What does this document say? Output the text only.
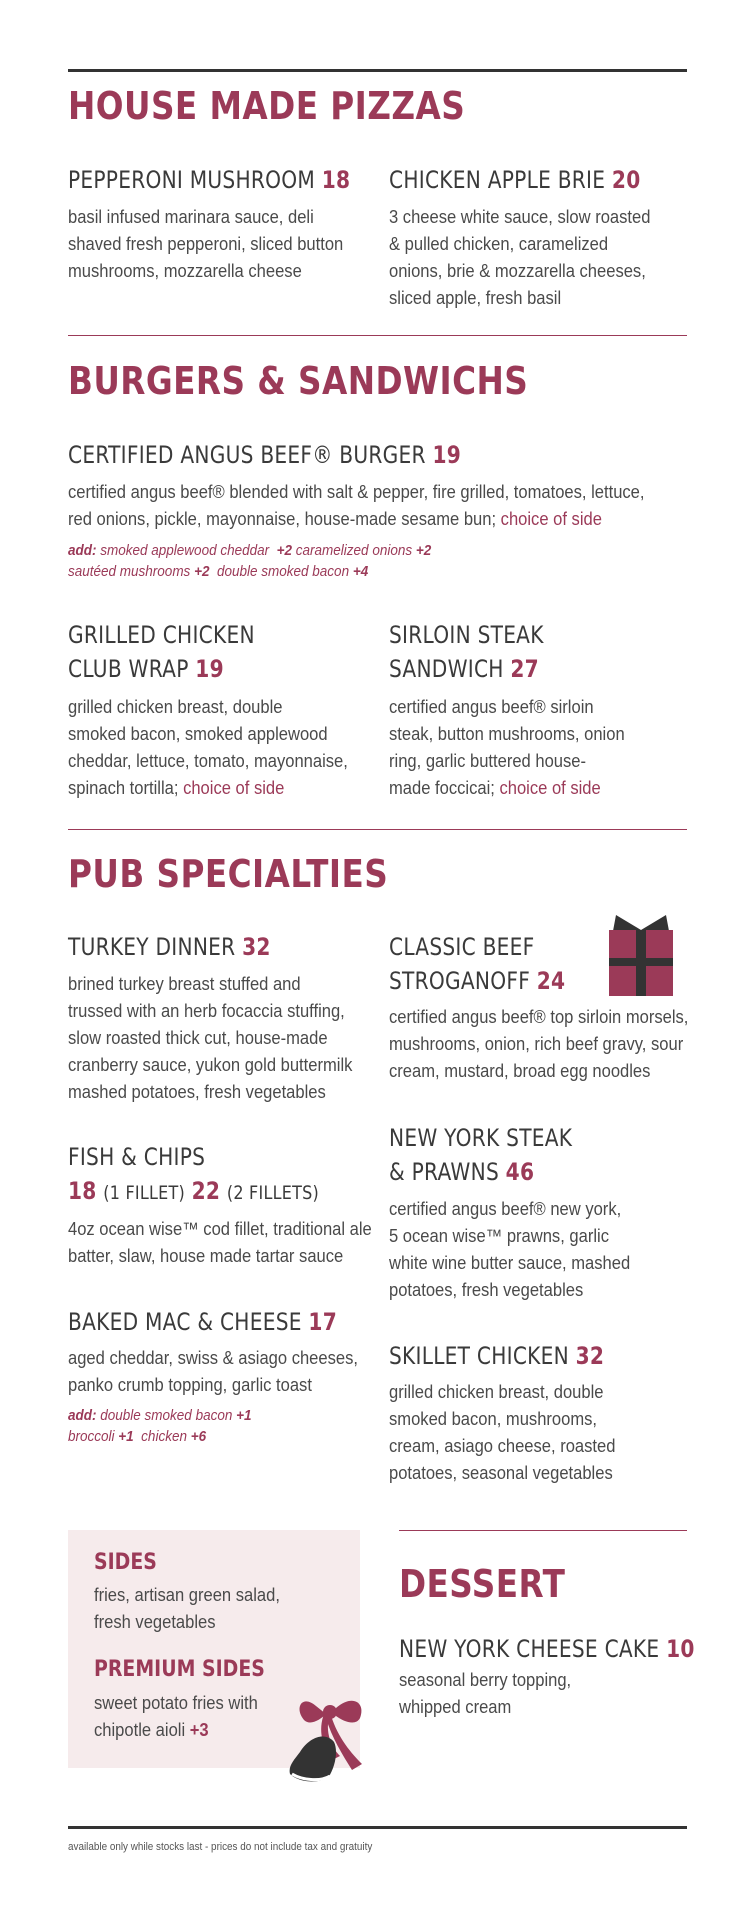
HOUSE MADE PIZZAS
PEPPERONI MUSHROOM 18

basil infused marinara sauce, deli

shaved fresh pepperoni, sliced button

mushrooms, mozzarella cheese

CHICKEN APPLE BRIE 20

3 cheese white sauce, slow roasted

& pulled chicken, caramelized

onions, brie & mozzarella cheeses,

sliced apple, fresh basil

BURGERS & SANDWICHS
CERTIFIED ANGUS BEEF® BURGER 19

certified angus beef® blended with salt & pepper, fire grilled, tomatoes, lettuce,

red onions, pickle, mayonnaise, house-made sesame bun; choice of side

add: smoked applewood cheddar +2 caramelized onions +2
sautéed mushrooms +2 double smoked bacon +4
GRILLED CHICKEN
CLUB WRAP 19

grilled chicken breast, double

smoked bacon, smoked applewood

cheddar, lettuce, tomato, mayonnaise,

spinach tortilla; choice of side

SIRLOIN STEAK
SANDWICH 27

certified angus beef® sirloin

steak, button mushrooms, onion

ring, garlic buttered house-

made foccicai; choice of side

PUB SPECIALTIES
TURKEY DINNER 32

brined turkey breast stuffed and

trussed with an herb focaccia stuffing,

slow roasted thick cut, house-made

cranberry sauce, yukon gold buttermilk

mashed potatoes, fresh vegetables

CLASSIC BEEF
STROGANOFF 24

certified angus beef® top sirloin morsels,

mushrooms, onion, rich beef gravy, sour

cream, mustard, broad egg noodles

FISH & CHIPS
18 (1 FILLET) 22 (2 FILLETS)

4oz ocean wise™ cod fillet, traditional ale

batter, slaw, house made tartar sauce

NEW YORK STEAK
& PRAWNS 46

certified angus beef® new york,

5 ocean wise™ prawns, garlic

white wine butter sauce, mashed

potatoes, fresh vegetables

BAKED MAC & CHEESE 17

aged cheddar, swiss & asiago cheeses,

panko crumb topping, garlic toast

add: double smoked bacon +1
broccoli +1 chicken +6
SKILLET CHICKEN 32

grilled chicken breast, double

smoked bacon, mushrooms,

cream, asiago cheese, roasted

potatoes, seasonal vegetables

SIDES

fries, artisan green salad,

fresh vegetables

PREMIUM SIDES

sweet potato fries with

chipotle aioli +3

DESSERT
NEW YORK CHEESE CAKE 10

seasonal berry topping,

whipped cream

available only while stocks last - prices do not include tax and gratuity
